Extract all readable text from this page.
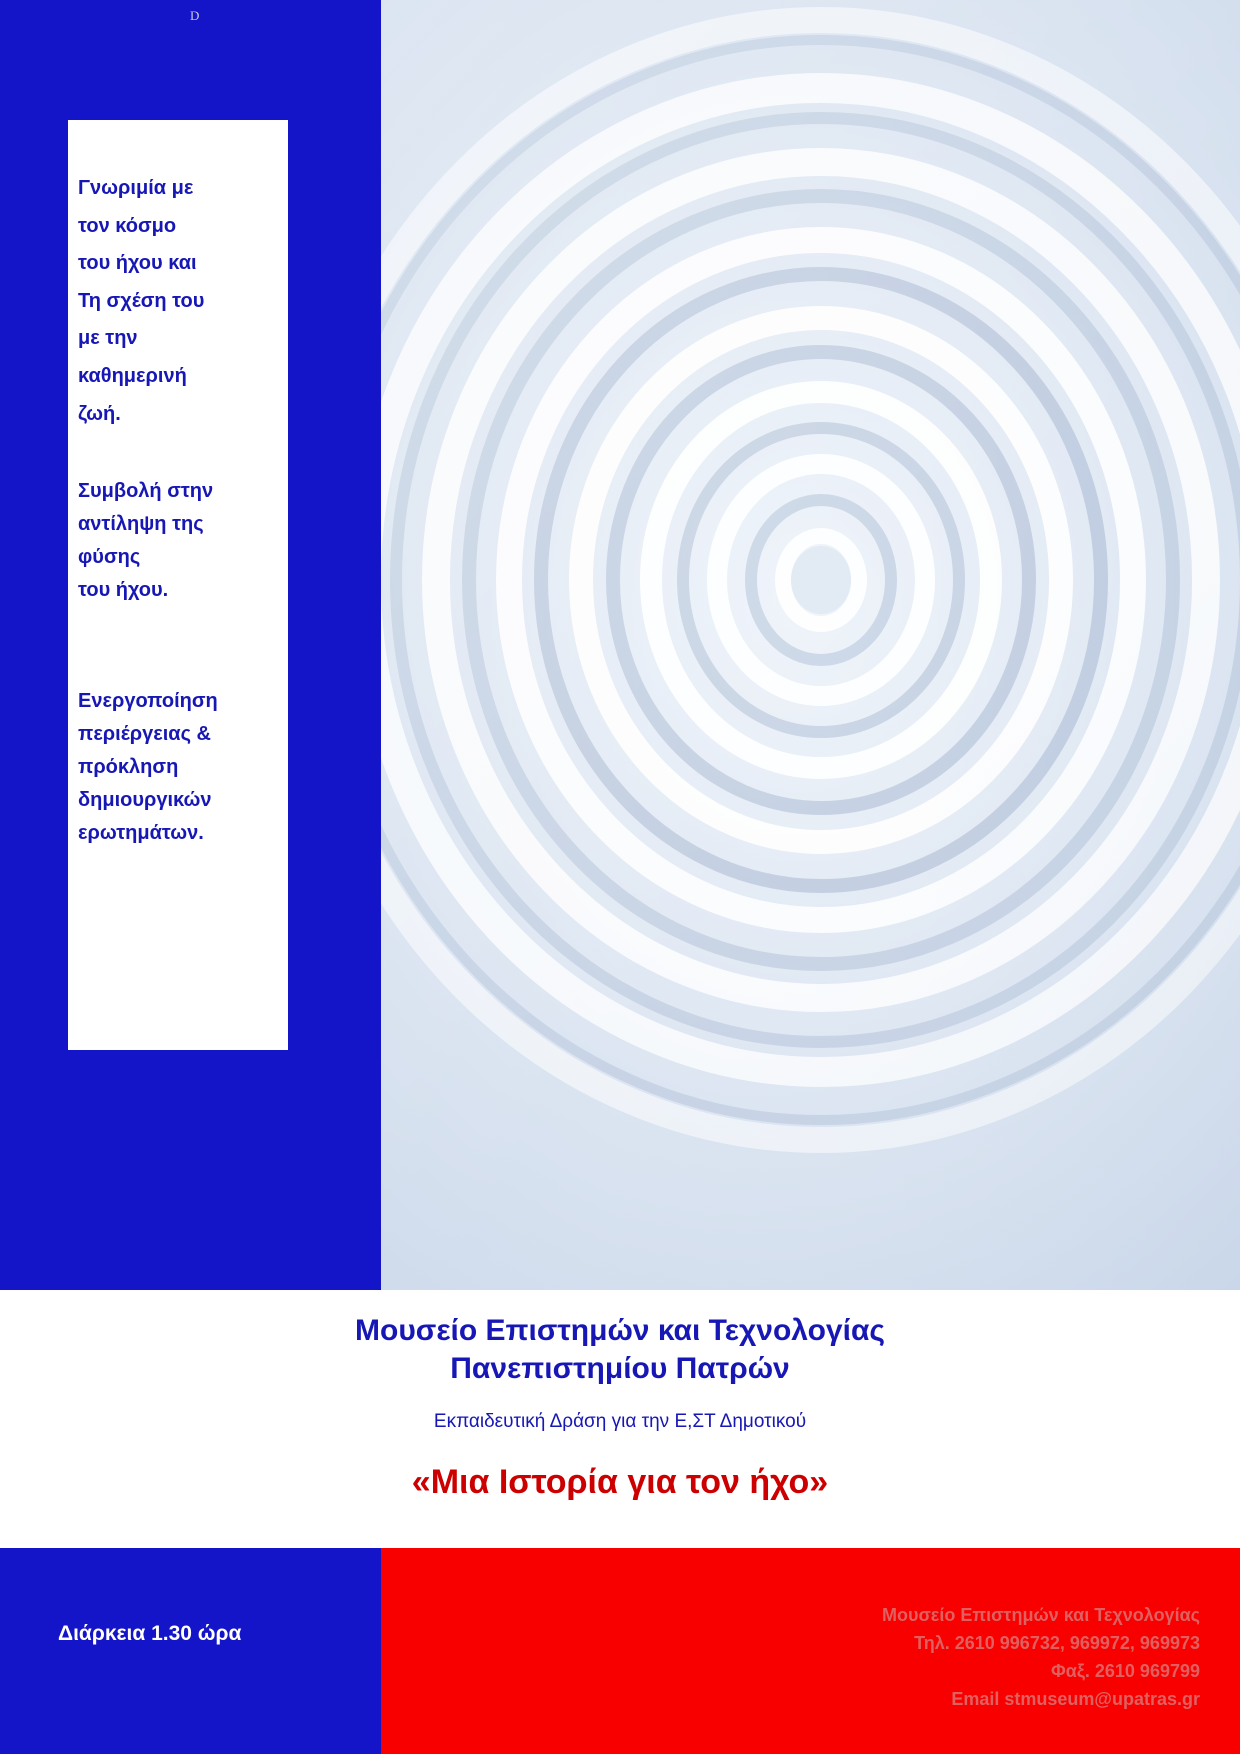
D

Γνωριμία με

τον κόσμο

του ήχου και

Τη σχέση του

με την

καθημερινή

ζωή.

Συμβολή στην

αντίληψη της

φύσης

του ήχου.

Ενεργοποίηση

περιέργειας &

πρόκληση

δημιουργικών

ερωτημάτων.

Μουσείο Επιστημών και Τεχνολογίας
Πανεπιστημίου Πατρών
Εκπαιδευτική Δράση για την Ε,ΣΤ Δημοτικού
«Μια Ιστορία για τον ήχο»
Διάρκεια 1.30 ώρα
Μουσείο Επιστημών και Τεχνολογίας
Τηλ. 2610 996732, 969972, 969973
Φαξ. 2610 969799
Email stmuseum@upatras.gr
